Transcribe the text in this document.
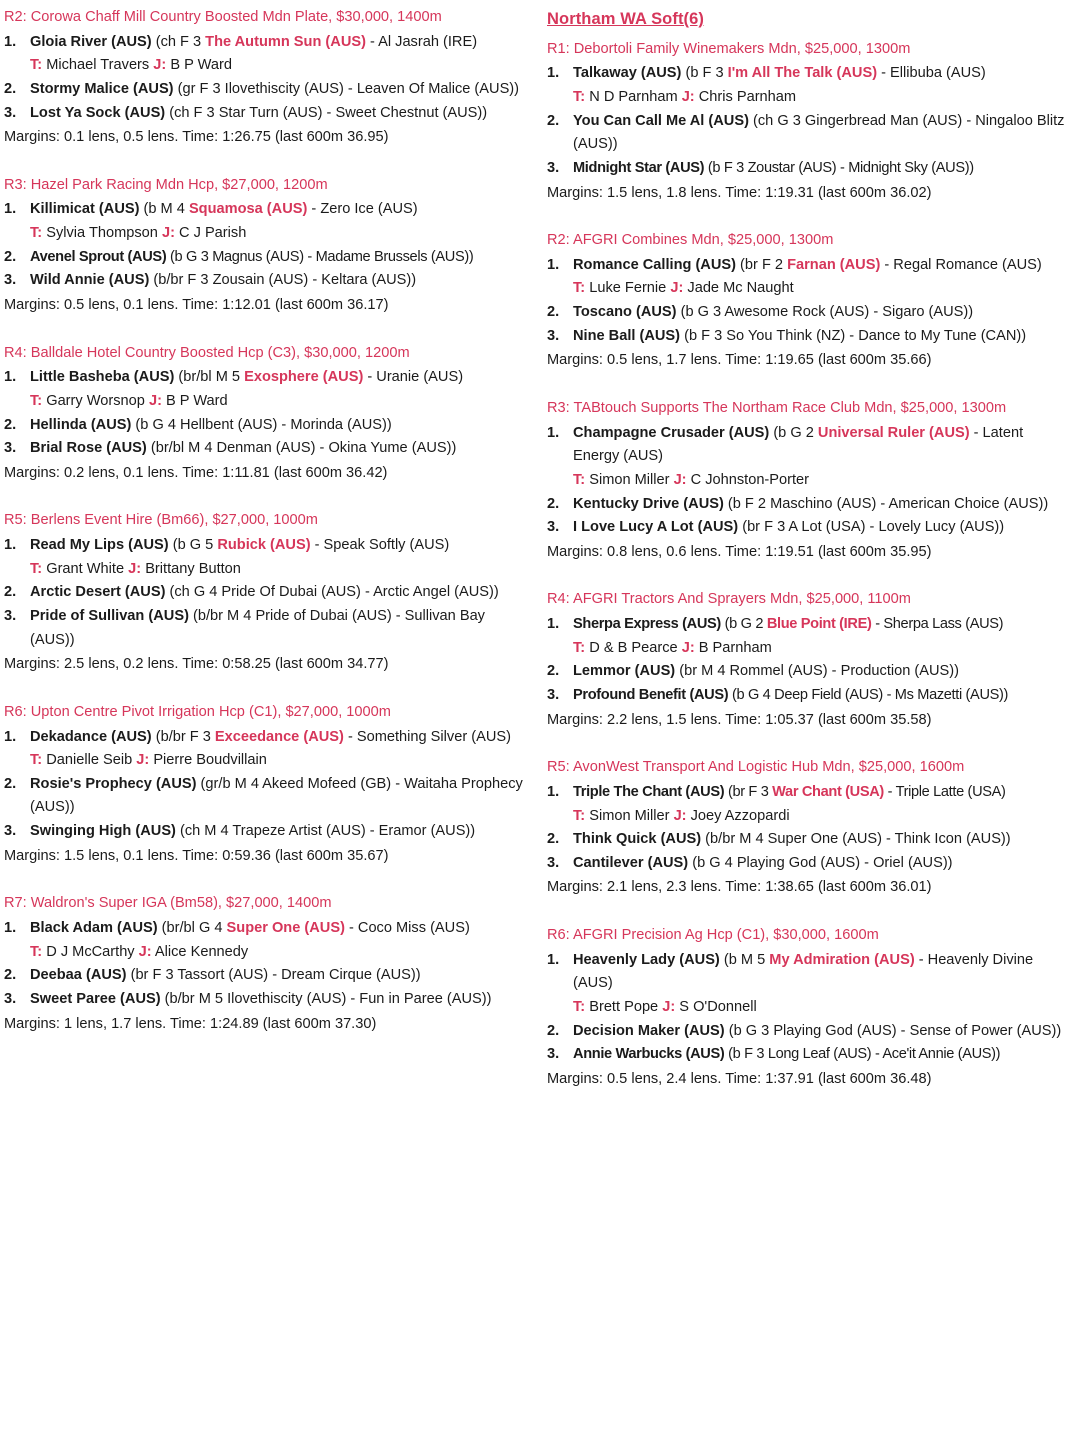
R2: Corowa Chaff Mill Country Boosted Mdn Plate, $30,000, 1400m
1. Gloia River (AUS) (ch F 3 The Autumn Sun (AUS) - Al Jasrah (IRE)
T: Michael Travers J: B P Ward
2. Stormy Malice (AUS) (gr F 3 Ilovethiscity (AUS) - Leaven Of Malice (AUS))
3. Lost Ya Sock (AUS) (ch F 3 Star Turn (AUS) - Sweet Chestnut (AUS))
Margins: 0.1 lens, 0.5 lens. Time: 1:26.75 (last 600m 36.95)
R3: Hazel Park Racing Mdn Hcp, $27,000, 1200m
1. Killimicat (AUS) (b M 4 Squamosa (AUS) - Zero Ice (AUS)
T: Sylvia Thompson J: C J Parish
2. Avenel Sprout (AUS) (b G 3 Magnus (AUS) - Madame Brussels (AUS))
3. Wild Annie (AUS) (b/br F 3 Zousain (AUS) - Keltara (AUS))
Margins: 0.5 lens, 0.1 lens. Time: 1:12.01 (last 600m 36.17)
R4: Balldale Hotel Country Boosted Hcp (C3), $30,000, 1200m
1. Little Basheba (AUS) (br/bl M 5 Exosphere (AUS) - Uranie (AUS)
T: Garry Worsnop J: B P Ward
2. Hellinda (AUS) (b G 4 Hellbent (AUS) - Morinda (AUS))
3. Brial Rose (AUS) (br/bl M 4 Denman (AUS) - Okina Yume (AUS))
Margins: 0.2 lens, 0.1 lens. Time: 1:11.81 (last 600m 36.42)
R5: Berlens Event Hire (Bm66), $27,000, 1000m
1. Read My Lips (AUS) (b G 5 Rubick (AUS) - Speak Softly (AUS)
T: Grant White J: Brittany Button
2. Arctic Desert (AUS) (ch G 4 Pride Of Dubai (AUS) - Arctic Angel (AUS))
3. Pride of Sullivan (AUS) (b/br M 4 Pride of Dubai (AUS) - Sullivan Bay (AUS))
Margins: 2.5 lens, 0.2 lens. Time: 0:58.25 (last 600m 34.77)
R6: Upton Centre Pivot Irrigation Hcp (C1), $27,000, 1000m
1. Dekadance (AUS) (b/br F 3 Exceedance (AUS) - Something Silver (AUS)
T: Danielle Seib J: Pierre Boudvillain
2. Rosie's Prophecy (AUS) (gr/b M 4 Akeed Mofeed (GB) - Waitaha Prophecy (AUS))
3. Swinging High (AUS) (ch M 4 Trapeze Artist (AUS) - Eramor (AUS))
Margins: 1.5 lens, 0.1 lens. Time: 0:59.36 (last 600m 35.67)
R7: Waldron's Super IGA (Bm58), $27,000, 1400m
1. Black Adam (AUS) (br/bl G 4 Super One (AUS) - Coco Miss (AUS)
T: D J McCarthy J: Alice Kennedy
2. Deebaa (AUS) (br F 3 Tassort (AUS) - Dream Cirque (AUS))
3. Sweet Paree (AUS) (b/br M 5 Ilovethiscity (AUS) - Fun in Paree (AUS))
Margins: 1 lens, 1.7 lens. Time: 1:24.89 (last 600m 37.30)
Northam WA Soft(6)
R1: Debortoli Family Winemakers Mdn, $25,000, 1300m
1. Talkaway (AUS) (b F 3 I'm All The Talk (AUS) - Ellibuba (AUS)
T: N D Parnham J: Chris Parnham
2. You Can Call Me Al (AUS) (ch G 3 Gingerbread Man (AUS) - Ningaloo Blitz (AUS))
3. Midnight Star (AUS) (b F 3 Zoustar (AUS) - Midnight Sky (AUS))
Margins: 1.5 lens, 1.8 lens. Time: 1:19.31 (last 600m 36.02)
R2: AFGRI Combines Mdn, $25,000, 1300m
1. Romance Calling (AUS) (br F 2 Farnan (AUS) - Regal Romance (AUS)
T: Luke Fernie J: Jade Mc Naught
2. Toscano (AUS) (b G 3 Awesome Rock (AUS) - Sigaro (AUS))
3. Nine Ball (AUS) (b F 3 So You Think (NZ) - Dance to My Tune (CAN))
Margins: 0.5 lens, 1.7 lens. Time: 1:19.65 (last 600m 35.66)
R3: TABtouch Supports The Northam Race Club Mdn, $25,000, 1300m
1. Champagne Crusader (AUS) (b G 2 Universal Ruler (AUS) - Latent Energy (AUS)
T: Simon Miller J: C Johnston-Porter
2. Kentucky Drive (AUS) (b F 2 Maschino (AUS) - American Choice (AUS))
3. I Love Lucy A Lot (AUS) (br F 3 A Lot (USA) - Lovely Lucy (AUS))
Margins: 0.8 lens, 0.6 lens. Time: 1:19.51 (last 600m 35.95)
R4: AFGRI Tractors And Sprayers Mdn, $25,000, 1100m
1. Sherpa Express (AUS) (b G 2 Blue Point (IRE) - Sherpa Lass (AUS)
T: D & B Pearce J: B Parnham
2. Lemmor (AUS) (br M 4 Rommel (AUS) - Production (AUS))
3. Profound Benefit (AUS) (b G 4 Deep Field (AUS) - Ms Mazetti (AUS))
Margins: 2.2 lens, 1.5 lens. Time: 1:05.37 (last 600m 35.58)
R5: AvonWest Transport And Logistic Hub Mdn, $25,000, 1600m
1. Triple The Chant (AUS) (br F 3 War Chant (USA) - Triple Latte (USA)
T: Simon Miller J: Joey Azzopardi
2. Think Quick (AUS) (b/br M 4 Super One (AUS) - Think Icon (AUS))
3. Cantilever (AUS) (b G 4 Playing God (AUS) - Oriel (AUS))
Margins: 2.1 lens, 2.3 lens. Time: 1:38.65 (last 600m 36.01)
R6: AFGRI Precision Ag Hcp (C1), $30,000, 1600m
1. Heavenly Lady (AUS) (b M 5 My Admiration (AUS) - Heavenly Divine (AUS)
T: Brett Pope J: S O'Donnell
2. Decision Maker (AUS) (b G 3 Playing God (AUS) - Sense of Power (AUS))
3. Annie Warbucks (AUS) (b F 3 Long Leaf (AUS) - Ace'it Annie (AUS))
Margins: 0.5 lens, 2.4 lens. Time: 1:37.91 (last 600m 36.48)
